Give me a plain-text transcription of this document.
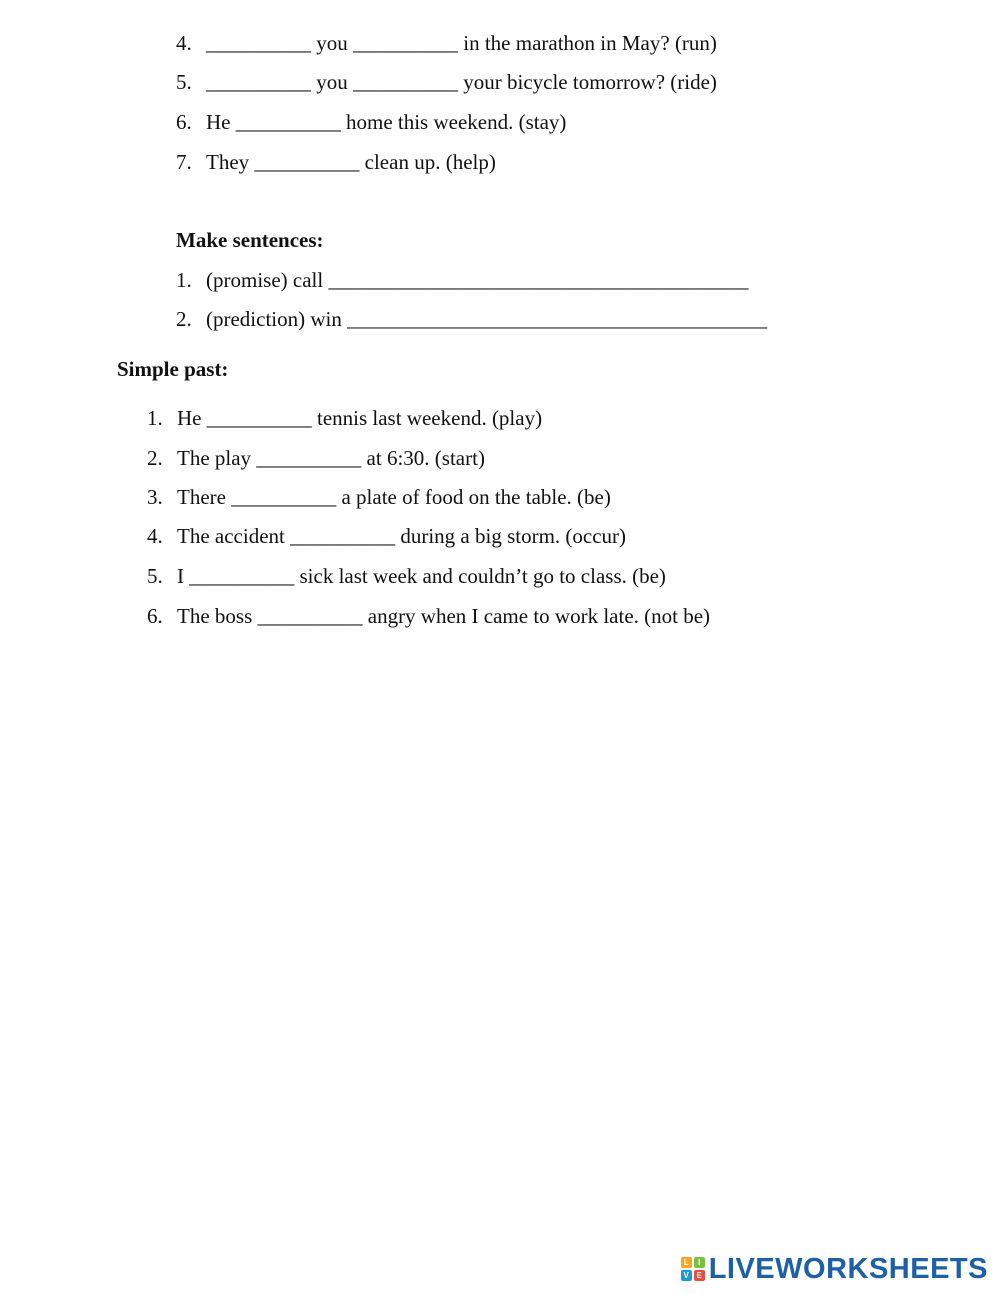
4. __________ you __________ in the marathon in May? (run)
5. __________ you __________ your bicycle tomorrow? (ride)
6. He __________ home this weekend. (stay)
7. They __________ clean up. (help)
Make sentences:
1. (promise) call ________________________________________
2. (prediction) win ________________________________________
Simple past:
1. He __________ tennis last weekend. (play)
2. The play __________ at 6:30. (start)
3. There __________ a plate of food on the table. (be)
4. The accident __________ during a big storm. (occur)
5. I __________ sick last week and couldn’t go to class. (be)
6. The boss __________ angry when I came to work late. (not be)
L	I
V E LIVEWORKSHEETS
